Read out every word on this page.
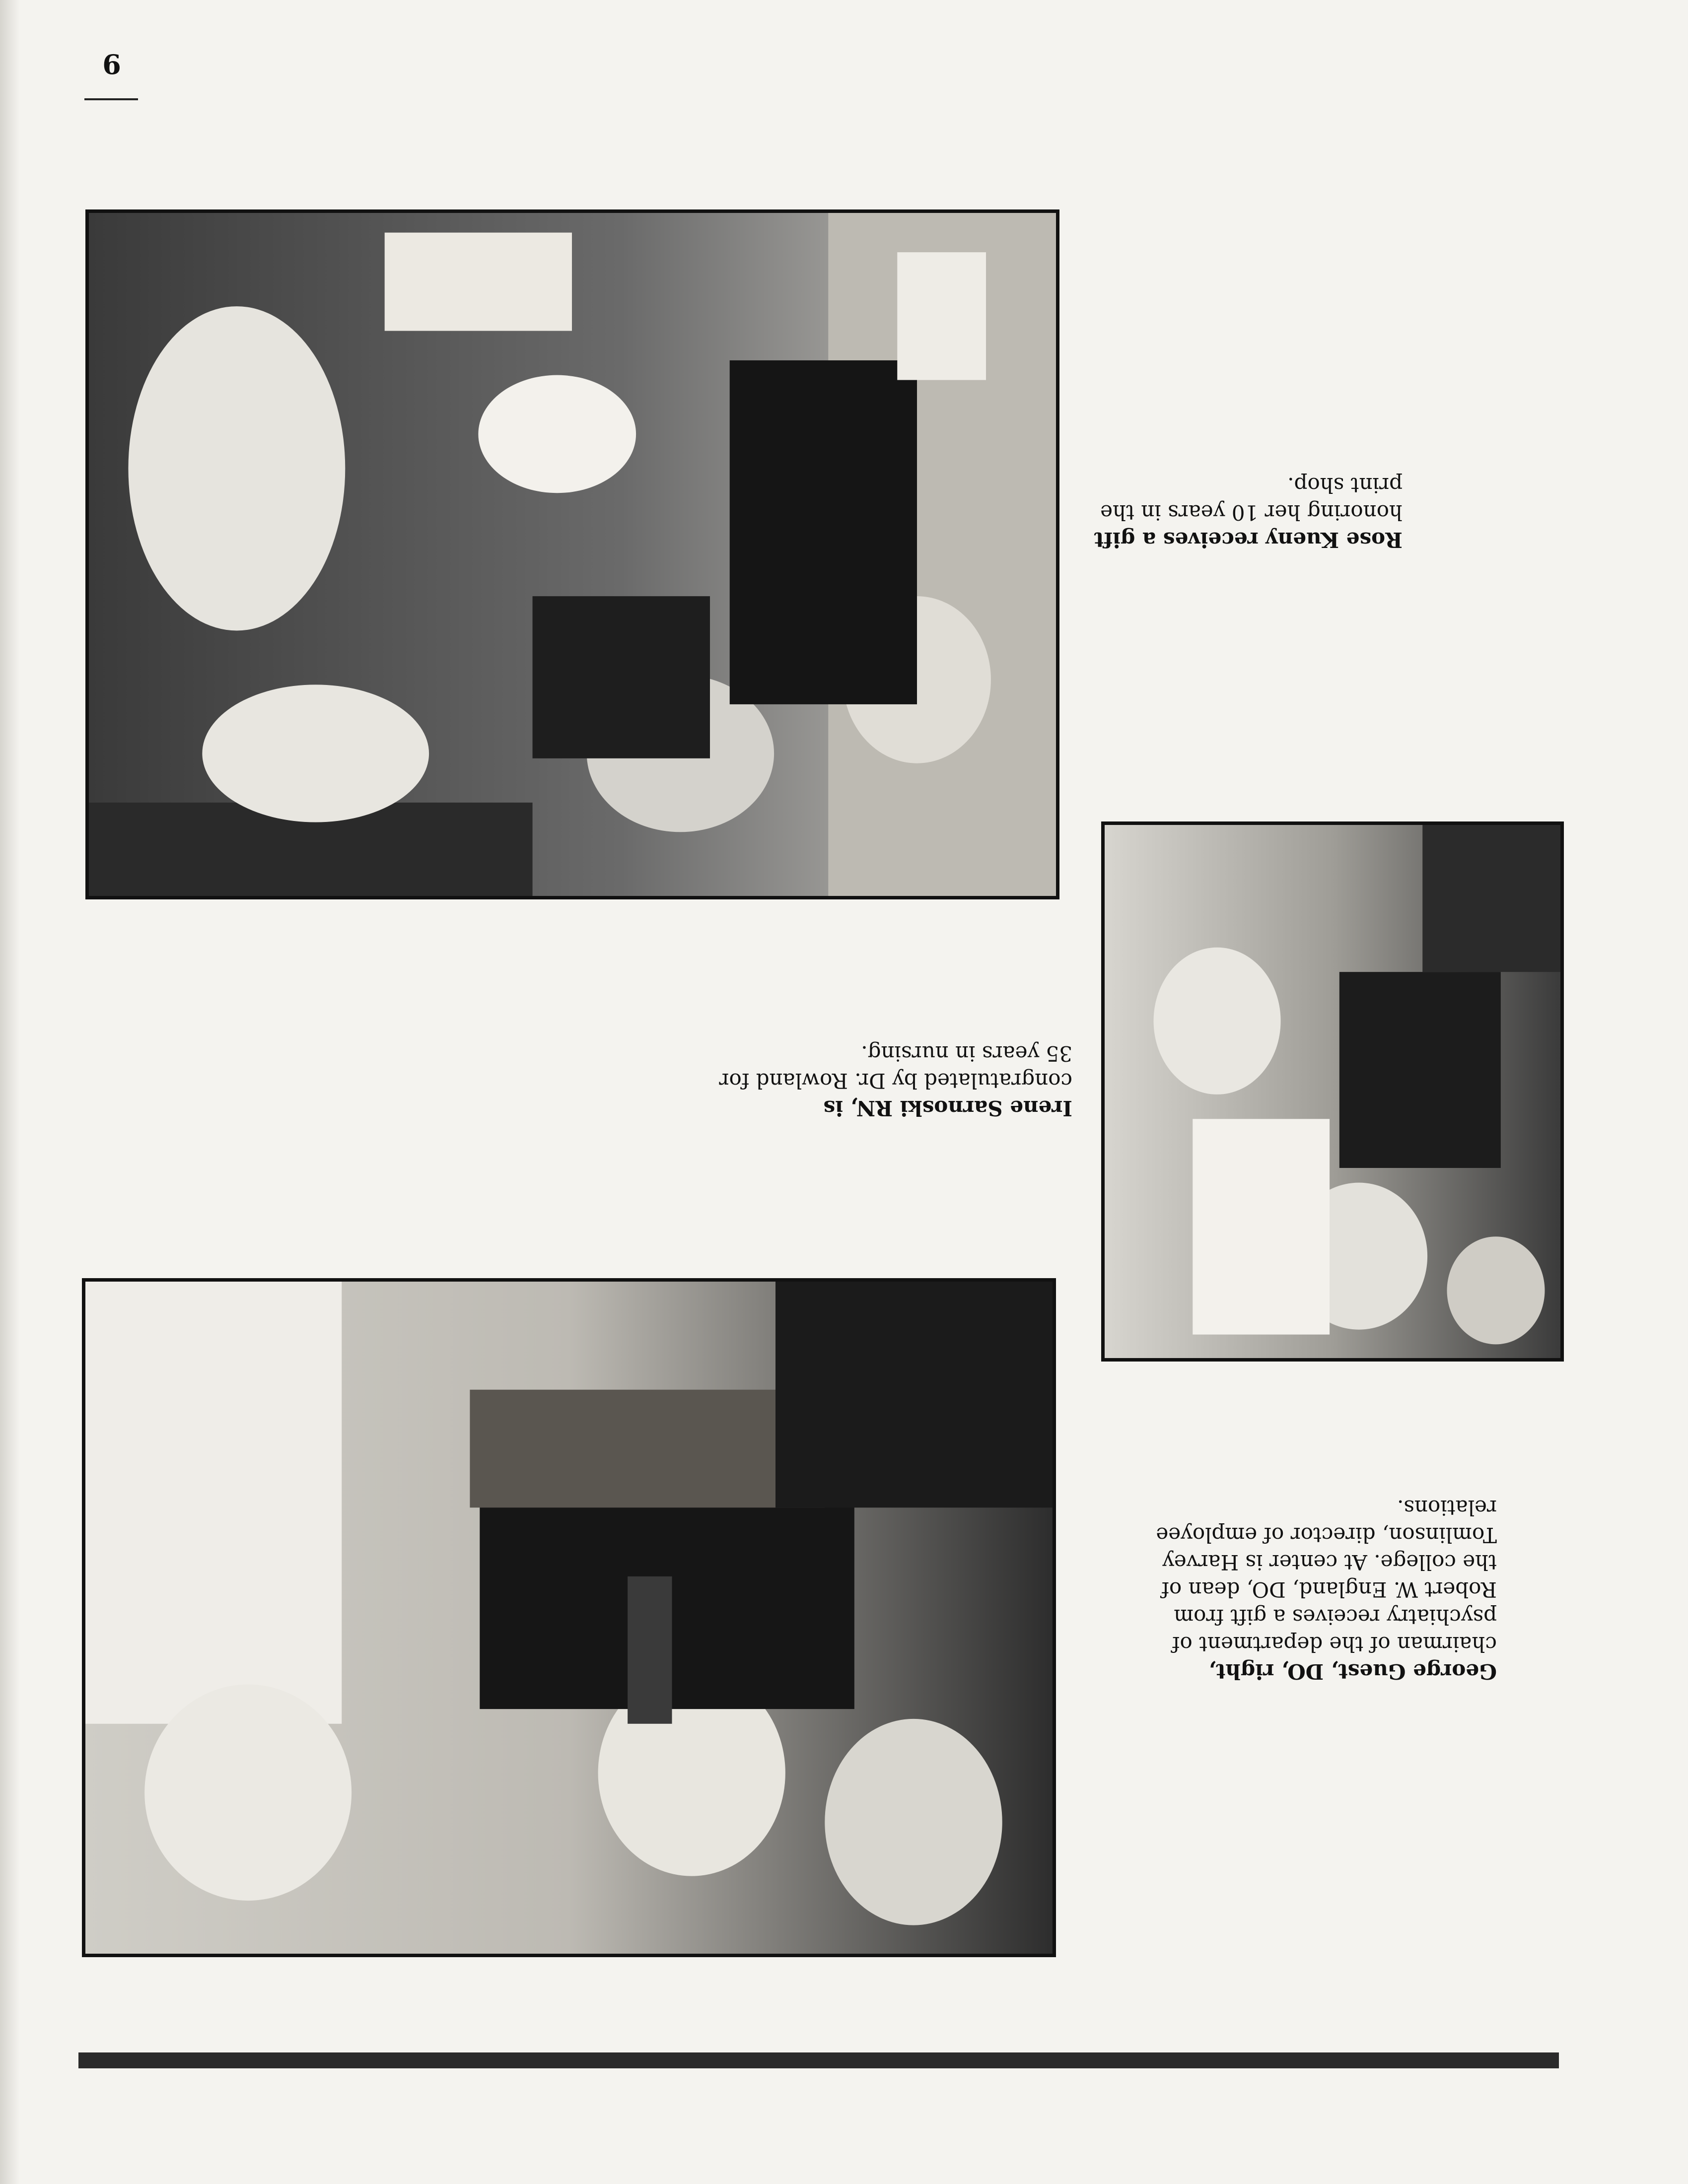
6
Rose Kueny receives a gift
honoring her 10 years in the
print shop.
Irene Sarnoski RN, is
congratulated by Dr. Rowland for
35 years in nursing.
George Guest, DO, right,
chairman of the department of
psychiatry receives a gift from
Robert W. England, DO, dean of
the college. At center is Harvey
Tomlinson, director of employee
relations.
